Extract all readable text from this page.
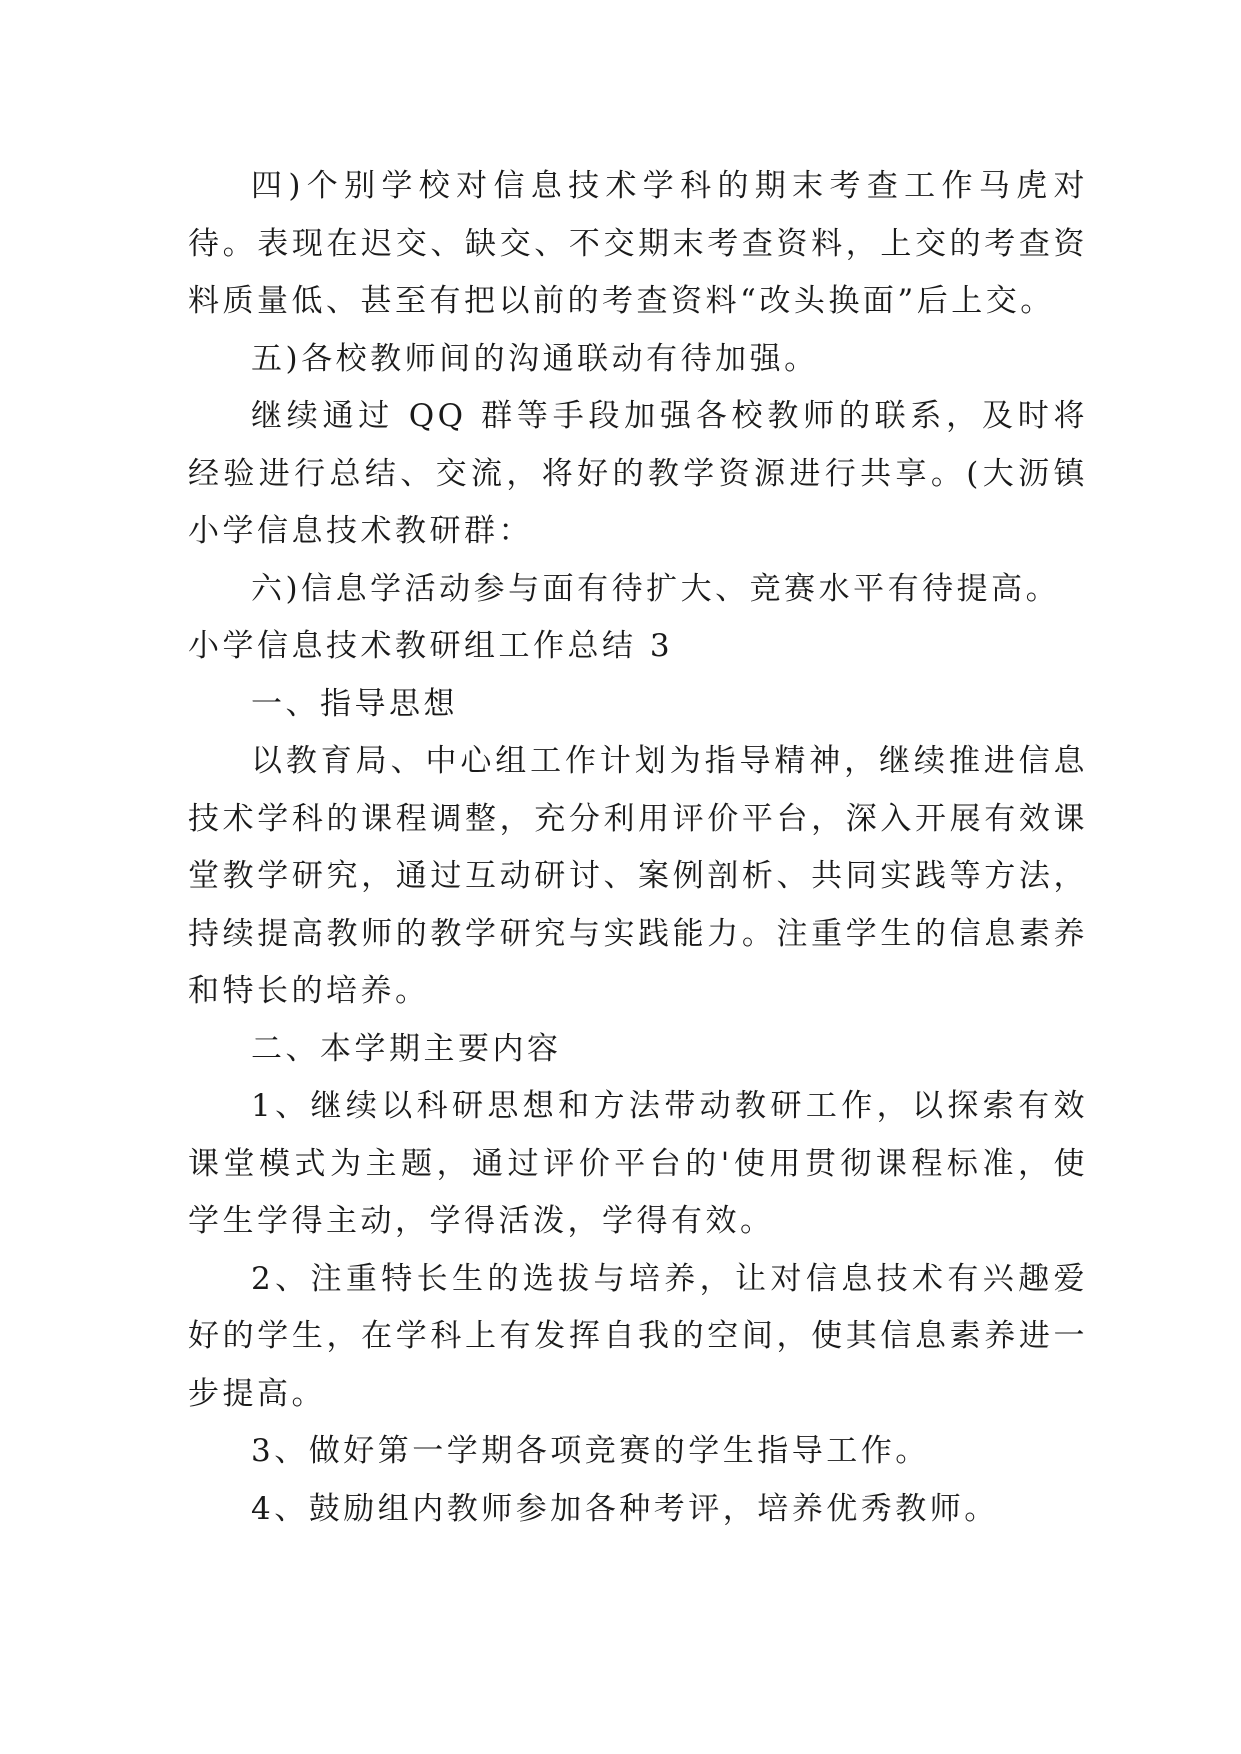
四)个别学校对信息技术学科的期末考查工作马虎对待。表现在迟交、缺交、不交期末考查资料，上交的考查资料质量低、甚至有把以前的考查资料“改头换面”后上交。

五)各校教师间的沟通联动有待加强。

继续通过 QQ 群等手段加强各校教师的联系，及时将经验进行总结、交流，将好的教学资源进行共享。(大沥镇小学信息技术教研群：

六)信息学活动参与面有待扩大、竞赛水平有待提高。

小学信息技术教研组工作总结 3

一、指导思想

以教育局、中心组工作计划为指导精神，继续推进信息技术学科的课程调整，充分利用评价平台，深入开展有效课堂教学研究，通过互动研讨、案例剖析、共同实践等方法，持续提高教师的教学研究与实践能力。注重学生的信息素养和特长的培养。

二、本学期主要内容

1、继续以科研思想和方法带动教研工作，以探索有效课堂模式为主题，通过评价平台的'使用贯彻课程标准，使学生学得主动，学得活泼，学得有效。

2、注重特长生的选拔与培养，让对信息技术有兴趣爱好的学生，在学科上有发挥自我的空间，使其信息素养进一步提高。

3、做好第一学期各项竞赛的学生指导工作。

4、鼓励组内教师参加各种考评，培养优秀教师。
